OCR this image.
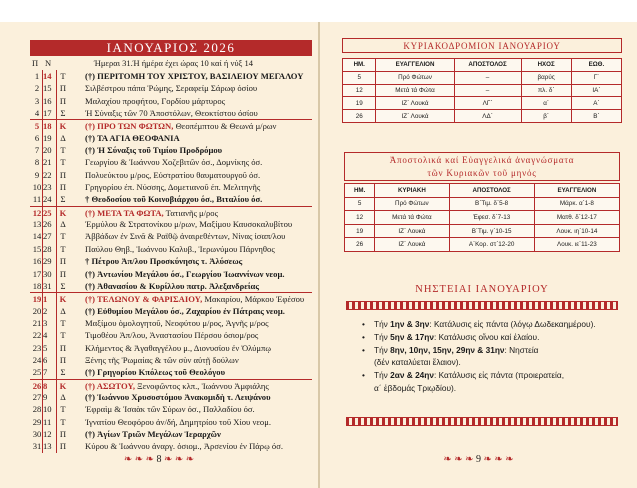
ΙΑΝΟΥΑΡΙΟΣ 2026
Π Ν	Ήμεραι 31.Ή ήμέρα έχει ώρας 10 καί ή νύξ 14
1 14	Τ (†) ΠΕΡΙΤΟΜΗ ΤΟΥ ΧΡΙΣΤΟΥ, ΒΑΣΙΛΕΙΟΥ ΜΕΓΑΛΟΥ
2 15 Π Σιλβέστρου πάπα Ῥώμης, Σεραφείμ Σάρωφ όσίου
3 16 Π Μαλαχίου προφήτου, Γορδίου μάρτυρος
4 17	Σ Ἡ Σύναξις τῶν 70 Ἀποστόλων, Θεοκτίστου όσίου
5 18 Κ (†) ΠΡΟ ΤΩΝ ΦΩΤΩΝ, Θεοπέμπτου & Θεωνά μ/ρων
6 19	Δ (†) ΤΑ ΑΓΙΑ ΘΕΟΦΑΝΙΑ
7 20	Τ (†) Ἡ Σύναξις τοῦ Τιμίου Προδρόμου
8 21	Τ Γεωργίου & Ἰωάννου Χοζεβιτῶν όσ., Δομνίκης όσ.
9 22 Π Πολυεύκτου μ/ρος, Εὐστρατίου θαυματουργοῦ όσ.
10 23 Π Γρηγορίου έπ. Νύσσης, Δομετιανοῦ έπ. Μελιτηνῆς
11 24	Σ † Θεοδοσίου τοῦ Κοινοβιάρχου όσ., Βιταλίου όσ.
12 25 Κ (†) ΜΕΤΑ ΤΑ ΦΩΤΑ, Τατιανῆς μ/ρος
13 26	Δ Ἑρμύλου & Στρατονίκου μ/ρων, Μαξίμου Καυσοκαλυβίτου
14 27	Τ Ἀββάδων ἐν Σινᾶ & Ραϊθῷ ἀναιρεθέντων, Νίνας ἰσαπ/λου
15 28	Τ Παύλου Θηβ., Ἰωάννου Καλυβ., Ἱερωνύμου Πάρνηθος
16 29 Π † Πέτρου Ἀπ/λου Προσκύνησις τ. Ἁλύσεως
17 30 Π (†) Ἀντωνίου Μεγάλου όσ., Γεωργίου Ἰωαννίνων νεομ.
18 31	Σ (†) Ἀθανασίου & Κυρίλλου πατρ. Ἀλεξανδρείας
19 1	Κ (†) ΤΕΛΩΝΟΥ & ΦΑΡΙΣΑΙΟΥ, Μακαρίου, Μάρκου Ἐφέσου
20 2	Δ (†) Εὐθυμίου Μεγάλου όσ., Ζαχαρίου ἐν Πάτραις νεομ.
21 3	Τ Μαξίμου ὁμολογητοῦ, Νεοφύτου μ/ρος, Ἀγνῆς μ/ρος
22 4	Τ Τιμοθέου Ἀπ/λου, Ἀναστασίου Πέρσου όσιομ/ρος
23 5	Π Κλήμεντος & Ἀγαθαγγέλου μ., Διονυσίου ἐν Ὀλύμπῳ
24 6	Π Ξένης τῆς Ῥωμαίας & τῶν σὺν αὐτῇ δούλων
25 7	Σ (†) Γρηγορίου Κπόλεως τοῦ Θεολόγου
26 8	Κ (†) ΑΣΩΤΟΥ, Ξενοφῶντος κλπ., Ἰωάννου Ἀμφιάλης
27 9	Δ (†) Ἰωάννου Χρυσοστόμου Ἀνακομιδὴ τ. Λειψάνου
28 10	Τ Ἐφραὶμ & Ἰσαὰκ τῶν Σύρων όσ., Παλλαδίου όσ.
29 11	Τ Ἰγνατίου Θεοφόρου ἀν/δή, Δημητρίου τοῦ Χίου νεομ.
30 12 Π (†) Ἁγίων Τριῶν Μεγάλων Ἱεραρχῶν
31 13 Π Κύρου & Ἰωάννου ἀναργ. ὁσιομ., Ἀρσενίου ἐν Πάρῳ όσ.
❧ ❧ ❧ 8 ❧ ❧ ❧
ΚΥΡΙΑΚΟΔΡΟΜΙΟΝ ΙΑΝΟΥΑΡΙΟΥ
ΗΜ.	ΕΥΑΓΓΕΛΙΟΝ	ΑΠΟΣΤΟΛΟΣ	ΗΧΟΣ	ΕΩΘ.
5	Πρό Φώτων	–	βαρύς	Γ΄
12	Μετά τά Φώτα	–	πλ. δ΄	ΙΑ΄
19	ΙΖ΄ Λουκά	ΛΓ΄	α΄	Α΄
26	ΙΖ΄ Λουκά	ΛΔ΄	β΄	Β΄
Ἀποστολικά καί Εὐαγγελικά ἀναγνώσματα
τῶν Κυριακῶν τοῦ μηνός
ΗΜ.	ΚΥΡΙΑΚΗ	ΑΠΟΣΤΟΛΟΣ	ΕΥΑΓΓΕΛΙΟΝ
5	Πρό Φώτων	Β΄Τιμ. δ΄5-8	Μάρκ. α΄1-8
12	Μετά τά Φώτα	Ἐφεσ. δ΄7-13	Ματθ. δ΄12-17
19	ΙΖ΄ Λουκά	Β΄Τιμ. γ΄10-15	Λουκ. ιη΄10-14
26	ΙΖ΄ Λουκά	Α΄Κορ. στ΄12-20	Λουκ. ιε΄11-23
ΝΗΣΤΕΙΑΙ ΙΑΝΟΥΑΡΙΟΥ
• Τήν 1ην & 3ην: Κατάλυσις εἰς πάντα (λόγῳ Δωδεκαημέρου).
• Τήν 5ην & 17ην: Κατάλυσις οἴνου καί ἐλαίου.
• Τήν 8ην, 10ην, 15ην, 29ην & 31ην: Νηστεία
(δέν καταλύεται ἔλαιον).
• Τήν 2αν & 24ην: Κατάλυσις εἰς πάντα (προιερατεία,
α΄ ἑβδομάς Τριῳδίου).
❧ ❧ ❧ 9 ❧ ❧ ❧
